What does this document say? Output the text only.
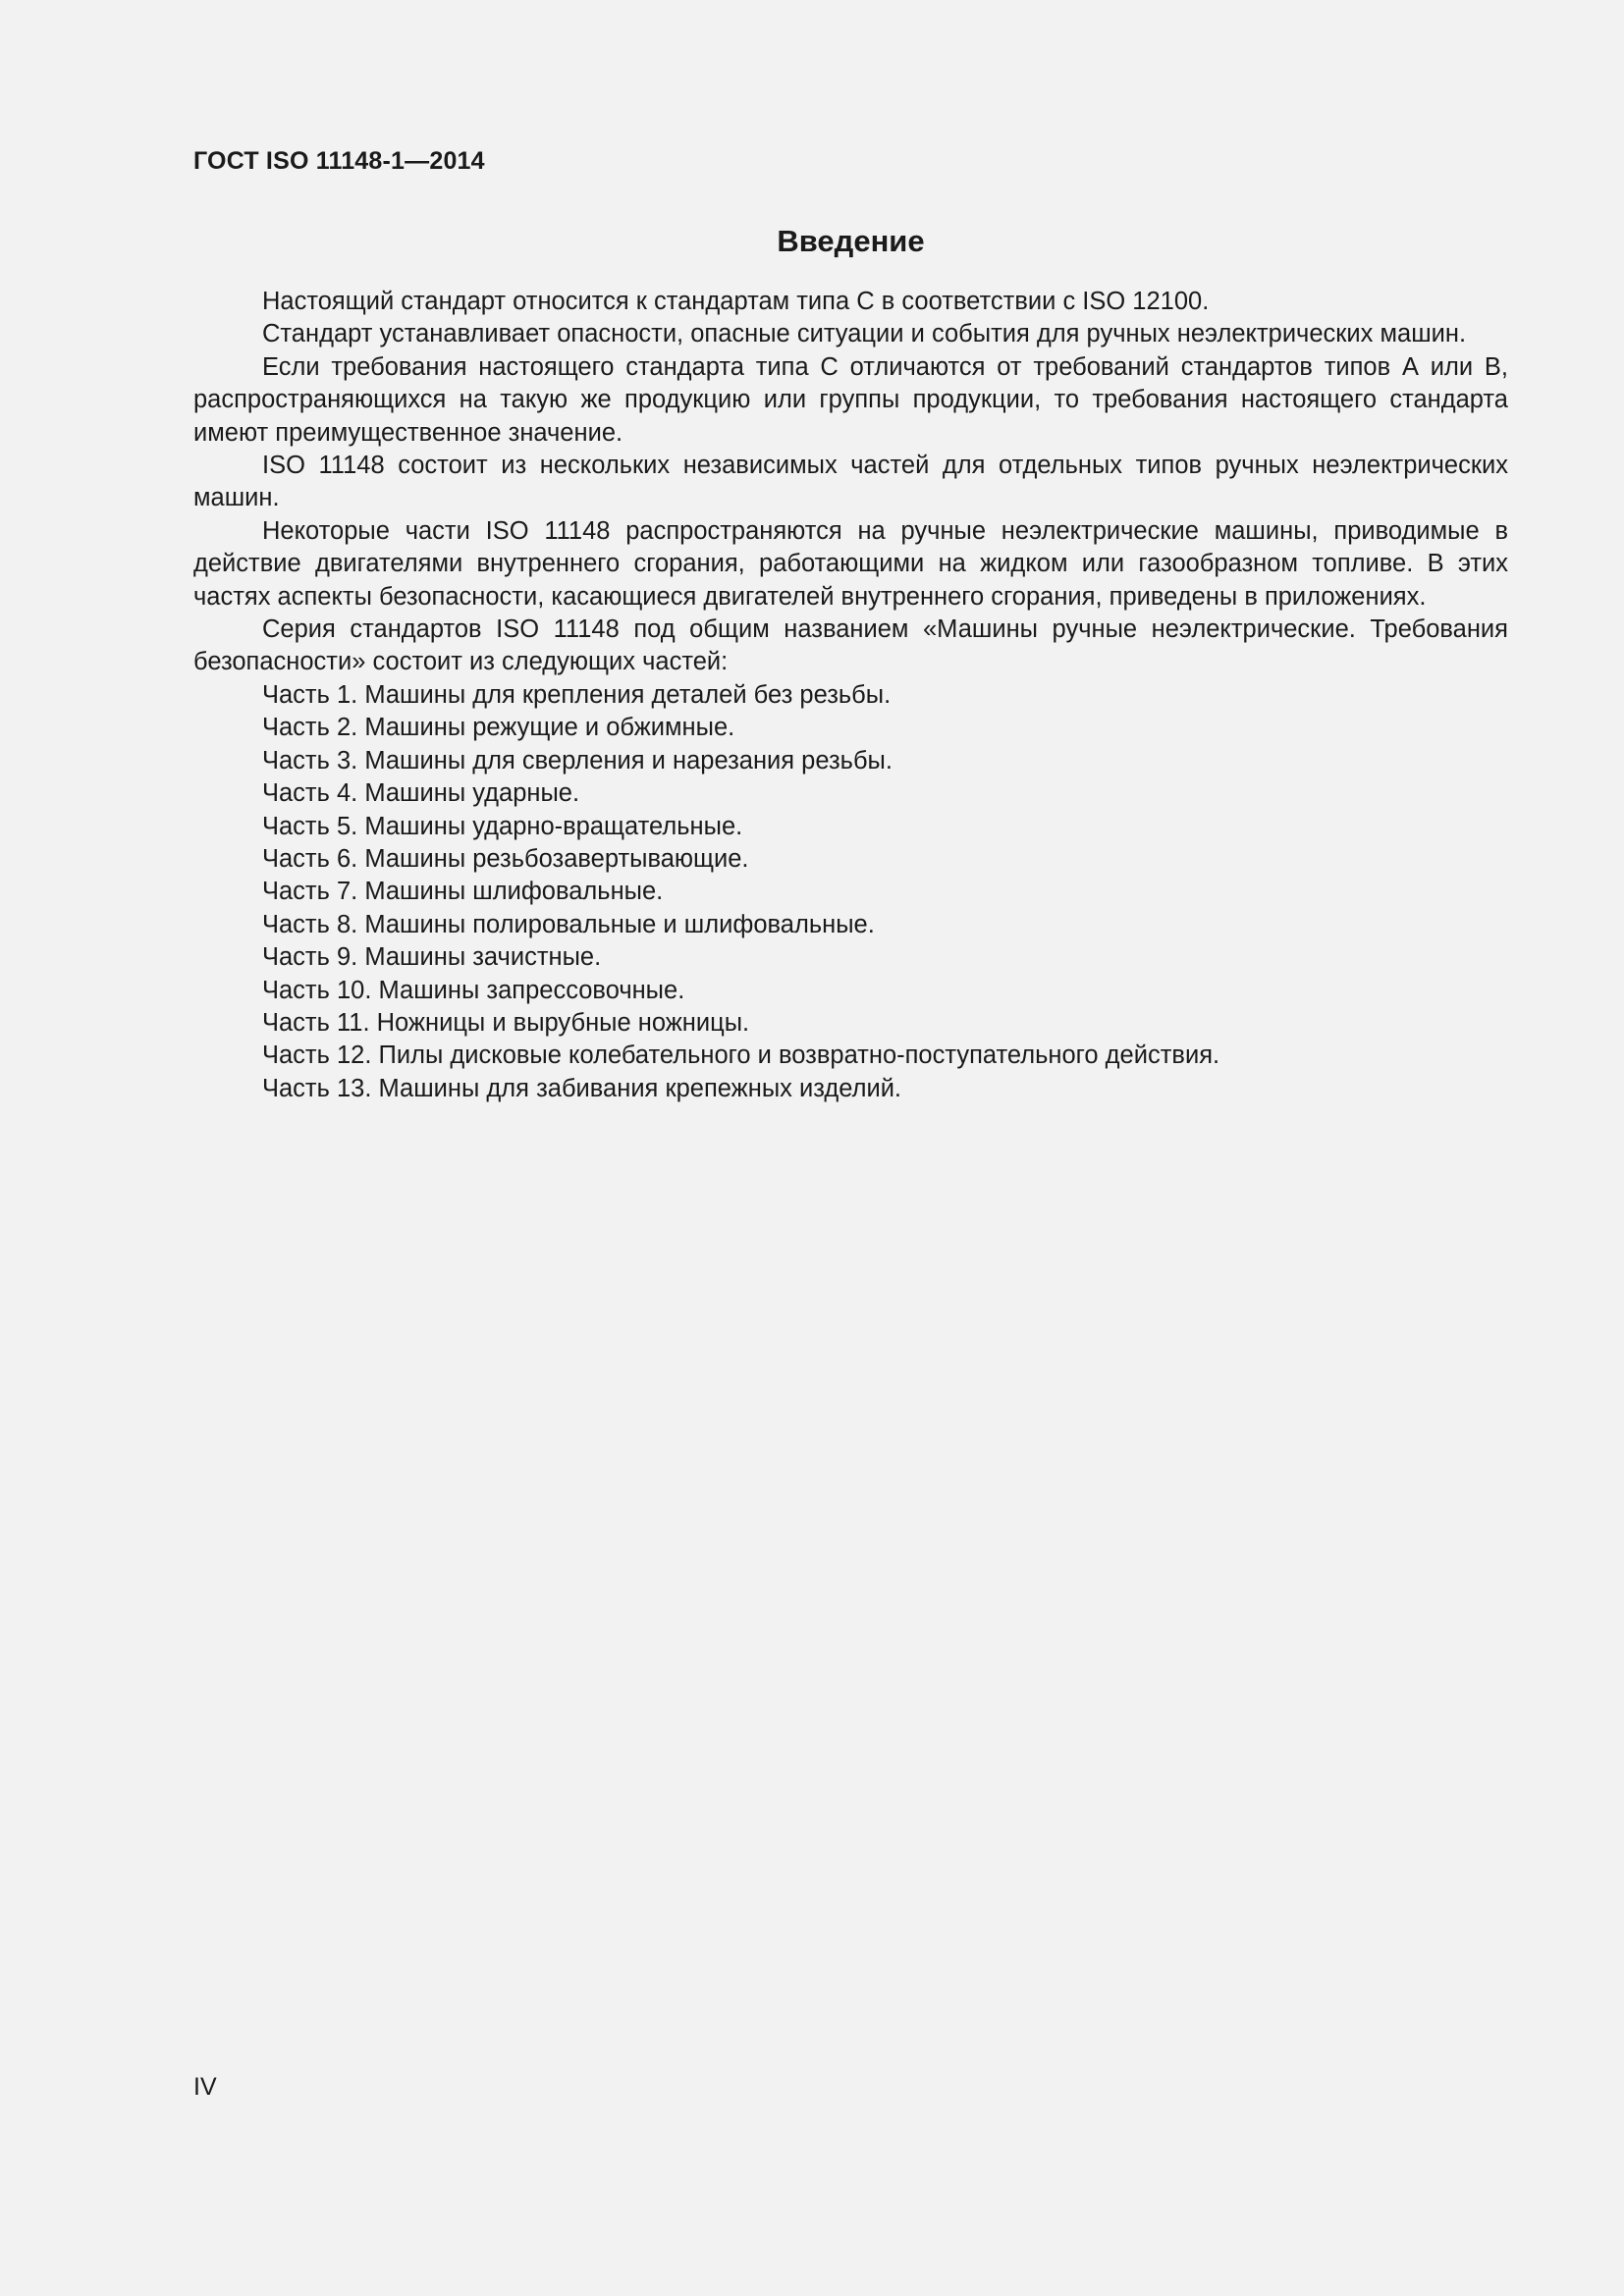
ГОСТ ISO 11148-1—2014
Введение

Настоящий стандарт относится к стандартам типа С в соответствии с ISO 12100.

Стандарт устанавливает опасности, опасные ситуации и события для ручных неэлектрических машин.

Если требования настоящего стандарта типа С отличаются от требований стандартов типов А или В, распространяющихся на такую же продукцию или группы продукции, то требования настоящего стандарта имеют преимущественное значение.

ISO 11148 состоит из нескольких независимых частей для отдельных типов ручных неэлектрических машин.

Некоторые части ISO 11148 распространяются на ручные неэлектрические машины, приводимые в действие двигателями внутреннего сгорания, работающими на жидком или газообразном топливе. В этих частях аспекты безопасности, касающиеся двигателей внутреннего сгорания, приведены в приложениях.

Серия стандартов ISO 11148 под общим названием «Машины ручные неэлектрические. Требования безопасности» состоит из следующих частей:

Часть 1. Машины для крепления деталей без резьбы.
Часть 2. Машины режущие и обжимные.
Часть 3. Машины для сверления и нарезания резьбы.
Часть 4. Машины ударные.
Часть 5. Машины ударно-вращательные.
Часть 6. Машины резьбозавертывающие.
Часть 7. Машины шлифовальные.
Часть 8. Машины полировальные и шлифовальные.
Часть 9. Машины зачистные.
Часть 10. Машины запрессовочные.
Часть 11. Ножницы и вырубные ножницы.
Часть 12. Пилы дисковые колебательного и возвратно-поступательного действия.
Часть 13. Машины для забивания крепежных изделий.
IV
